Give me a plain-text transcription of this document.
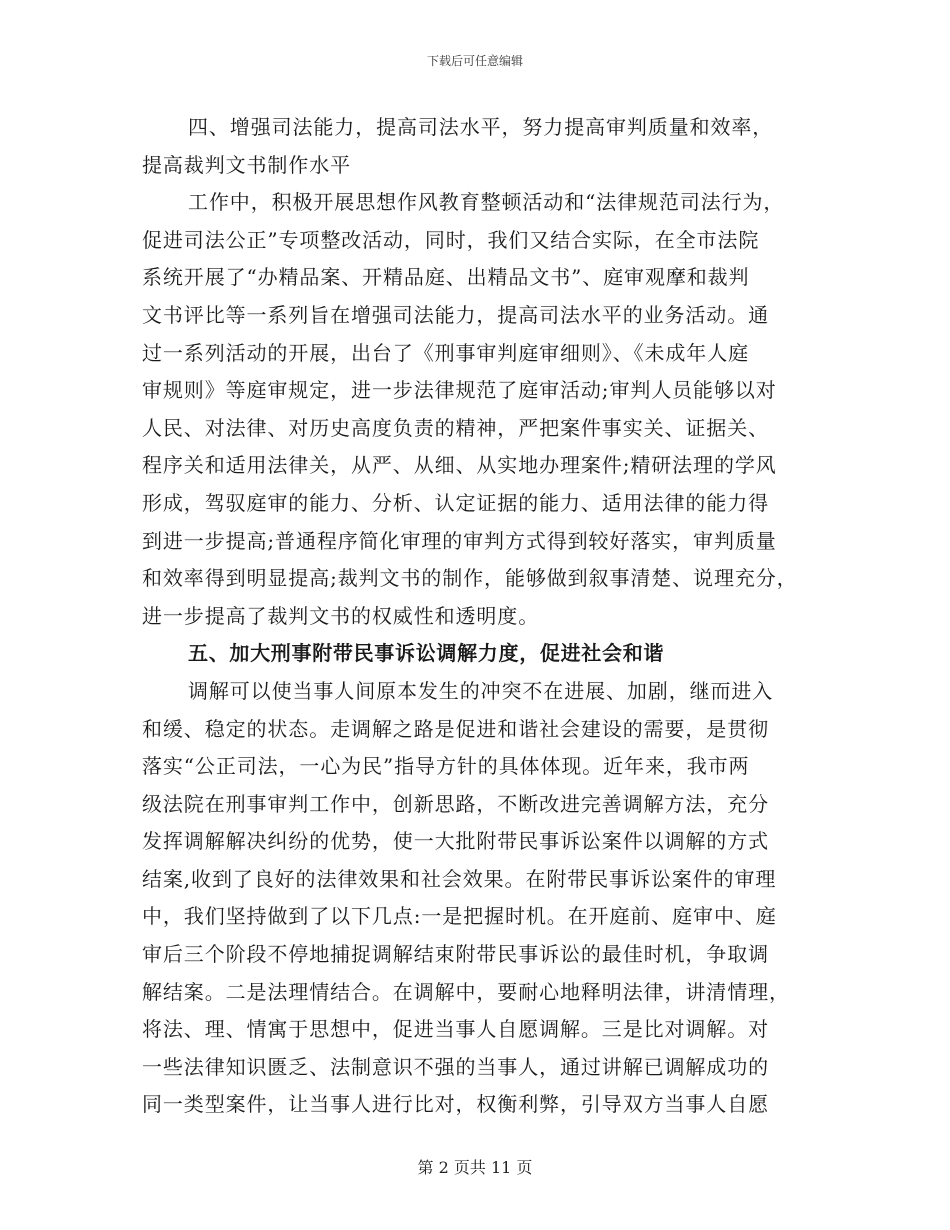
下载后可任意编辑
四、增强司法能力，提高司法水平，努力提高审判质量和效率，
提高裁判文书制作水平
工作中，积极开展思想作风教育整顿活动和“法律规范司法行为，
促进司法公正”专项整改活动，同时，我们又结合实际，在全市法院
系统开展了“办精品案、开精品庭、出精品文书”、庭审观摩和裁判
文书评比等一系列旨在增强司法能力，提高司法水平的业务活动。通
过一系列活动的开展，出台了《刑事审判庭审细则》、《未成年人庭
审规则》等庭审规定，进一步法律规范了庭审活动;审判人员能够以对
人民、对法律、对历史高度负责的精神，严把案件事实关、证据关、
程序关和适用法律关，从严、从细、从实地办理案件;精研法理的学风
形成，驾驭庭审的能力、分析、认定证据的能力、适用法律的能力得
到进一步提高;普通程序简化审理的审判方式得到较好落实，审判质量
和效率得到明显提高;裁判文书的制作，能够做到叙事清楚、说理充分，
进一步提高了裁判文书的权威性和透明度。
五、加大刑事附带民事诉讼调解力度，促进社会和谐
调解可以使当事人间原本发生的冲突不在进展、加剧，继而进入
和缓、稳定的状态。走调解之路是促进和谐社会建设的需要，是贯彻
落实“公正司法，一心为民”指导方针的具体体现。近年来，我市两
级法院在刑事审判工作中，创新思路，不断改进完善调解方法，充分
发挥调解解决纠纷的优势，使一大批附带民事诉讼案件以调解的方式
结案,收到了良好的法律效果和社会效果。在附带民事诉讼案件的审理
中，我们坚持做到了以下几点:一是把握时机。在开庭前、庭审中、庭
审后三个阶段不停地捕捉调解结束附带民事诉讼的最佳时机，争取调
解结案。二是法理情结合。在调解中，要耐心地释明法律，讲清情理，
将法、理、情寓于思想中，促进当事人自愿调解。三是比对调解。对
一些法律知识匮乏、法制意识不强的当事人，通过讲解已调解成功的
同一类型案件，让当事人进行比对，权衡利弊，引导双方当事人自愿
第 2 页共 11 页
